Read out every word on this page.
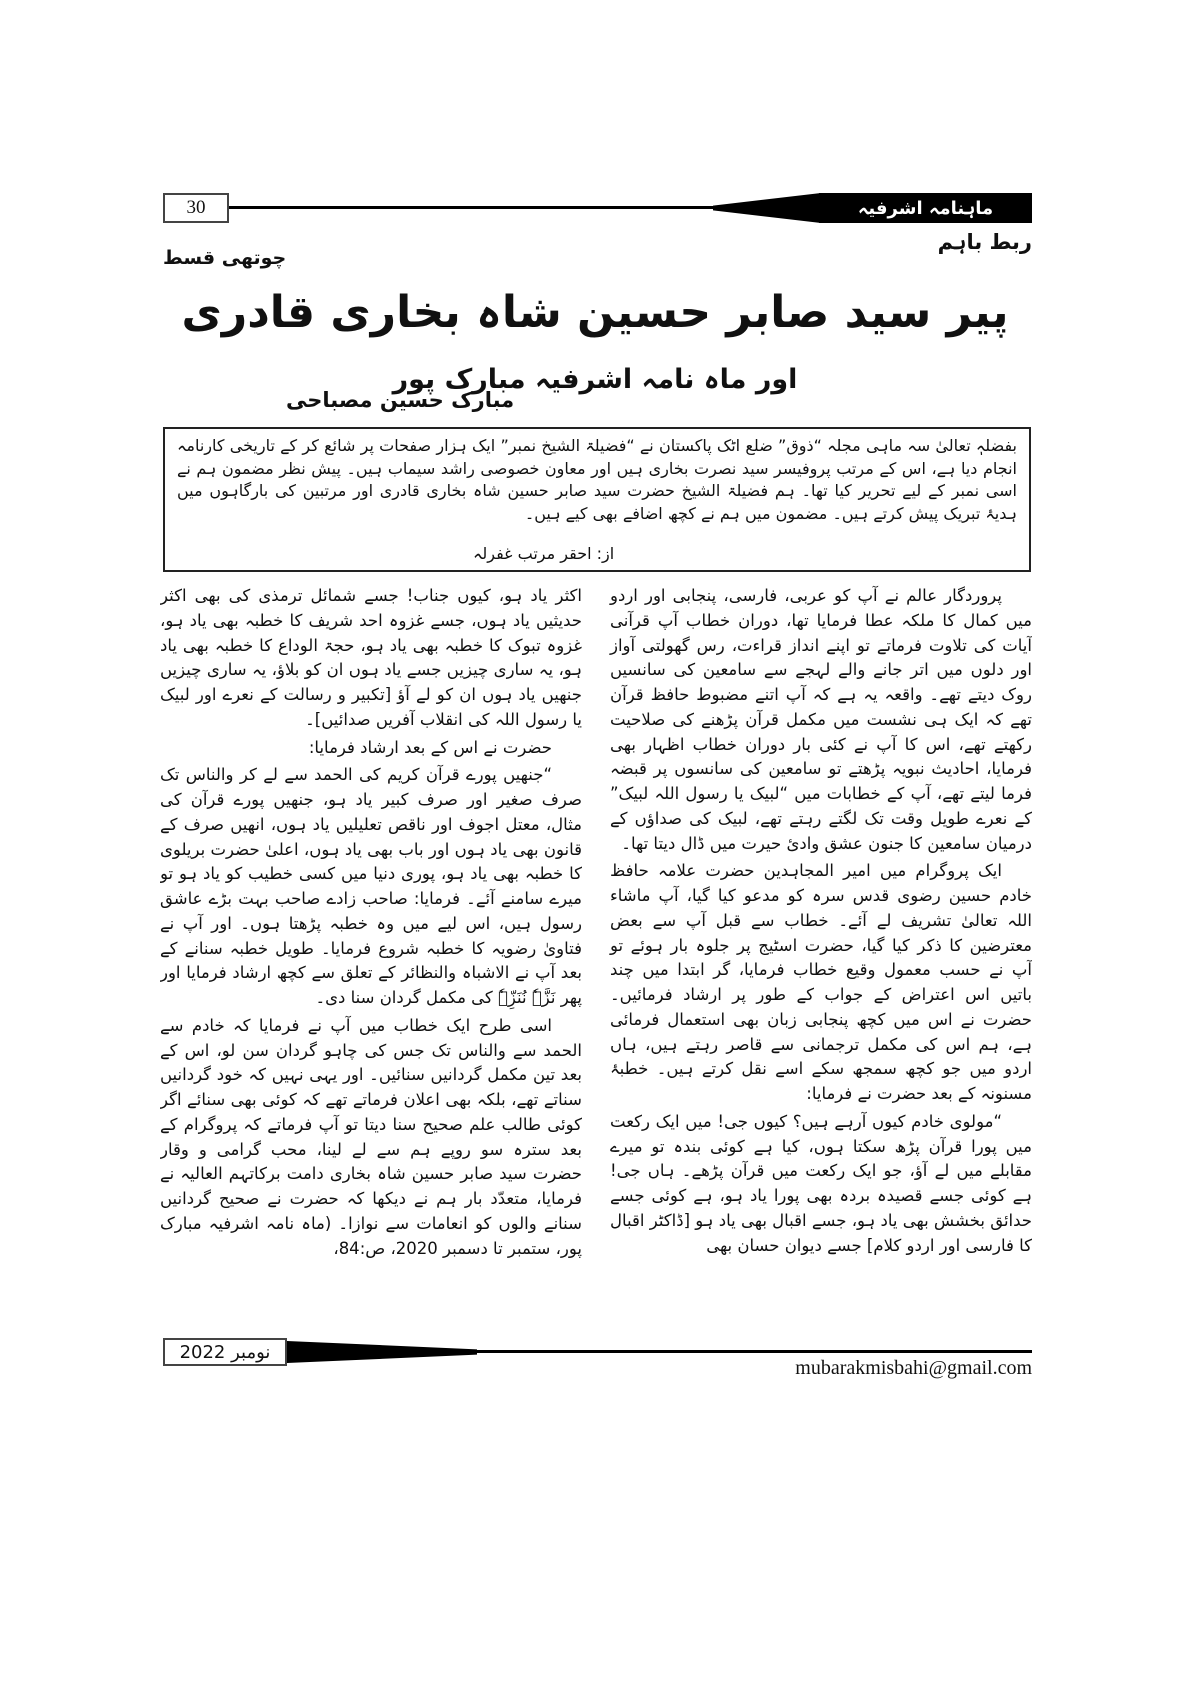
30	ماہنامہ اشرفیہ
ربط باہم
چوتھی قسط
پیر سید صابر حسین شاہ بخاری قادری
اور ماہ نامہ اشرفیہ مبارک پور
مبارک حسین مصباحی
بفضلہٖ تعالیٰ سہ ماہی مجلہ “ذوق” ضلع اٹک پاکستان نے “فضیلۃ الشیخ نمبر” ایک ہزار صفحات پر شائع کر کے تاریخی کارنامہ انجام دیا ہے، اس کے مرتب پروفیسر سید نصرت بخاری ہیں اور معاون خصوصی راشد سیماب ہیں۔ پیش نظر مضمون ہم نے اسی نمبر کے لیے تحریر کیا تھا۔ ہم فضیلۃ الشیخ حضرت سید صابر حسین شاہ بخاری قادری اور مرتبین کی بارگاہوں میں ہدیۂ تبریک پیش کرتے ہیں۔ مضمون میں ہم نے کچھ اضافے بھی کیے ہیں۔
از: احقر مرتب غفرلہ

پروردگار عالم نے آپ کو عربی، فارسی، پنجابی اور اردو میں کمال کا ملکہ عطا فرمایا تھا، دوران خطاب آپ قرآنی آیات کی تلاوت فرماتے تو اپنے انداز قراءت، رس گھولتی آواز اور دلوں میں اتر جانے والے لہجے سے سامعین کی سانسیں روک دیتے تھے۔ واقعہ یہ ہے کہ آپ اتنے مضبوط حافظ قرآن تھے کہ ایک ہی نشست میں مکمل قرآن پڑھنے کی صلاحیت رکھتے تھے، اس کا آپ نے کئی بار دوران خطاب اظہار بھی فرمایا، احادیث نبویہ پڑھتے تو سامعین کی سانسوں پر قبضہ فرما لیتے تھے، آپ کے خطابات میں “لبیک یا رسول اللہ لبیک” کے نعرے طویل وقت تک لگتے رہتے تھے، لبیک کی صداؤں کے درمیان سامعین کا جنون عشق وادیٔ حیرت میں ڈال دیتا تھا۔

ایک پروگرام میں امیر المجاہدین حضرت علامہ حافظ خادم حسین رضوی قدس سرہ کو مدعو کیا گیا، آپ ماشاء اللہ تعالیٰ تشریف لے آئے۔ خطاب سے قبل آپ سے بعض معترضین کا ذکر کیا گیا، حضرت اسٹیج پر جلوہ بار ہوئے تو آپ نے حسب معمول وقیع خطاب فرمایا، گر ابتدا میں چند باتیں اس اعتراض کے جواب کے طور پر ارشاد فرمائیں۔ حضرت نے اس میں کچھ پنجابی زبان بھی استعمال فرمائی ہے، ہم اس کی مکمل ترجمانی سے قاصر رہتے ہیں، ہاں اردو میں جو کچھ سمجھ سکے اسے نقل کرتے ہیں۔ خطبۂ مسنونہ کے بعد حضرت نے فرمایا:

“مولوی خادم کیوں آرہے ہیں؟ کیوں جی! میں ایک رکعت میں پورا قرآن پڑھ سکتا ہوں، کیا ہے کوئی بندہ تو میرے مقابلے میں لے آؤ، جو ایک رکعت میں قرآن پڑھے۔ ہاں جی! ہے کوئی جسے قصیدہ بردہ بھی پورا یاد ہو، ہے کوئی جسے حدائق بخشش بھی یاد ہو، جسے اقبال بھی یاد ہو [ڈاکٹر اقبال کا فارسی اور اردو کلام] جسے دیوان حسان بھی

اکثر یاد ہو، کیوں جناب! جسے شمائل ترمذی کی بھی اکثر حدیثیں یاد ہوں، جسے غزوہ احد شریف کا خطبہ بھی یاد ہو، غزوہ تبوک کا خطبہ بھی یاد ہو، حجۃ الوداع کا خطبہ بھی یاد ہو، یہ ساری چیزیں جسے یاد ہوں ان کو بلاؤ، یہ ساری چیزیں جنھیں یاد ہوں ان کو لے آؤ [تکبیر و رسالت کے نعرے اور لبیک یا رسول اللہ کی انقلاب آفریں صدائیں]۔

حضرت نے اس کے بعد ارشاد فرمایا:

“جنھیں پورے قرآن کریم کی الحمد سے لے کر والناس تک صرف صغیر اور صرف کبیر یاد ہو، جنھیں پورے قرآن کی مثال، معتل اجوف اور ناقص تعلیلیں یاد ہوں، انھیں صرف کے قانون بھی یاد ہوں اور باب بھی یاد ہوں، اعلیٰ حضرت بریلوی کا خطبہ بھی یاد ہو، پوری دنیا میں کسی خطیب کو یاد ہو تو میرے سامنے آئے۔ فرمایا: صاحب زادے صاحب بہت بڑے عاشق رسول ہیں، اس لیے میں وہ خطبہ پڑھتا ہوں۔ اور آپ نے فتاویٰ رضویہ کا خطبہ شروع فرمایا۔ طویل خطبہ سنانے کے بعد آپ نے الاشباہ والنظائر کے تعلق سے کچھ ارشاد فرمایا اور پھر نَزَّہٗ نُنَزِّہٗ کی مکمل گردان سنا دی۔

اسی طرح ایک خطاب میں آپ نے فرمایا کہ خادم سے الحمد سے والناس تک جس کی چاہو گردان سن لو، اس کے بعد تین مکمل گردانیں سنائیں۔ اور یہی نہیں کہ خود گردانیں سناتے تھے، بلکہ بھی اعلان فرماتے تھے کہ کوئی بھی سنائے اگر کوئی طالب علم صحیح سنا دیتا تو آپ فرماتے کہ پروگرام کے بعد سترہ سو روپے ہم سے لے لینا، محب گرامی و وقار حضرت سید صابر حسین شاہ بخاری دامت برکاتہم العالیہ نے فرمایا، متعدّد بار ہم نے دیکھا کہ حضرت نے صحیح گردانیں سنانے والوں کو انعامات سے نوازا۔ (ماہ نامہ اشرفیہ مبارک پور، ستمبر تا دسمبر 2020، ص:84،

نومبر 2022
mubarakmisbahi@gmail.com
